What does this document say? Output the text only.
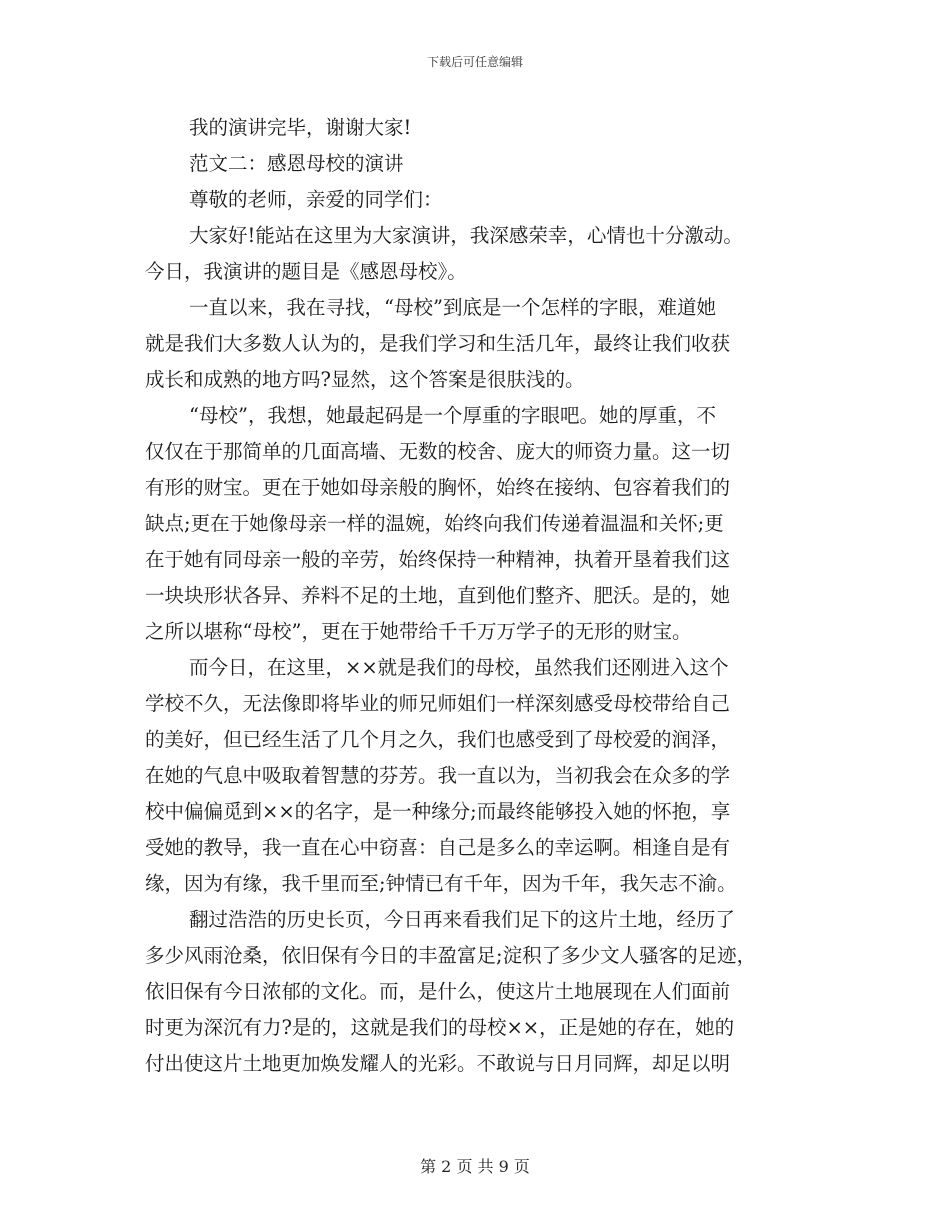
下载后可任意编辑
我的演讲完毕，谢谢大家!
范文二：感恩母校的演讲
尊敬的老师，亲爱的同学们：
大家好!能站在这里为大家演讲，我深感荣幸，心情也十分激动。
今日，我演讲的题目是《感恩母校》。
一直以来，我在寻找，“母校”到底是一个怎样的字眼，难道她
就是我们大多数人认为的，是我们学习和生活几年，最终让我们收获
成长和成熟的地方吗?显然，这个答案是很肤浅的。
“母校”，我想，她最起码是一个厚重的字眼吧。她的厚重，不
仅仅在于那简单的几面高墙、无数的校舍、庞大的师资力量。这一切
有形的财宝。更在于她如母亲般的胸怀，始终在接纳、包容着我们的
缺点;更在于她像母亲一样的温婉，始终向我们传递着温温和关怀;更
在于她有同母亲一般的辛劳，始终保持一种精神，执着开垦着我们这
一块块形状各异、养料不足的土地，直到他们整齐、肥沃。是的，她
之所以堪称“母校”，更在于她带给千千万万学子的无形的财宝。
而今日，在这里，××就是我们的母校，虽然我们还刚进入这个
学校不久，无法像即将毕业的师兄师姐们一样深刻感受母校带给自己
的美好，但已经生活了几个月之久，我们也感受到了母校爱的润泽，
在她的气息中吸取着智慧的芬芳。我一直以为，当初我会在众多的学
校中偏偏觅到××的名字，是一种缘分;而最终能够投入她的怀抱，享
受她的教导，我一直在心中窃喜：自己是多么的幸运啊。相逢自是有
缘，因为有缘，我千里而至;钟情已有千年，因为千年，我矢志不渝。
翻过浩浩的历史长页，今日再来看我们足下的这片土地，经历了
多少风雨沧桑，依旧保有今日的丰盈富足;淀积了多少文人骚客的足迹，
依旧保有今日浓郁的文化。而，是什么，使这片土地展现在人们面前
时更为深沉有力?是的，这就是我们的母校××，正是她的存在，她的
付出使这片土地更加焕发耀人的光彩。不敢说与日月同辉，却足以明
第 2 页 共 9 页
